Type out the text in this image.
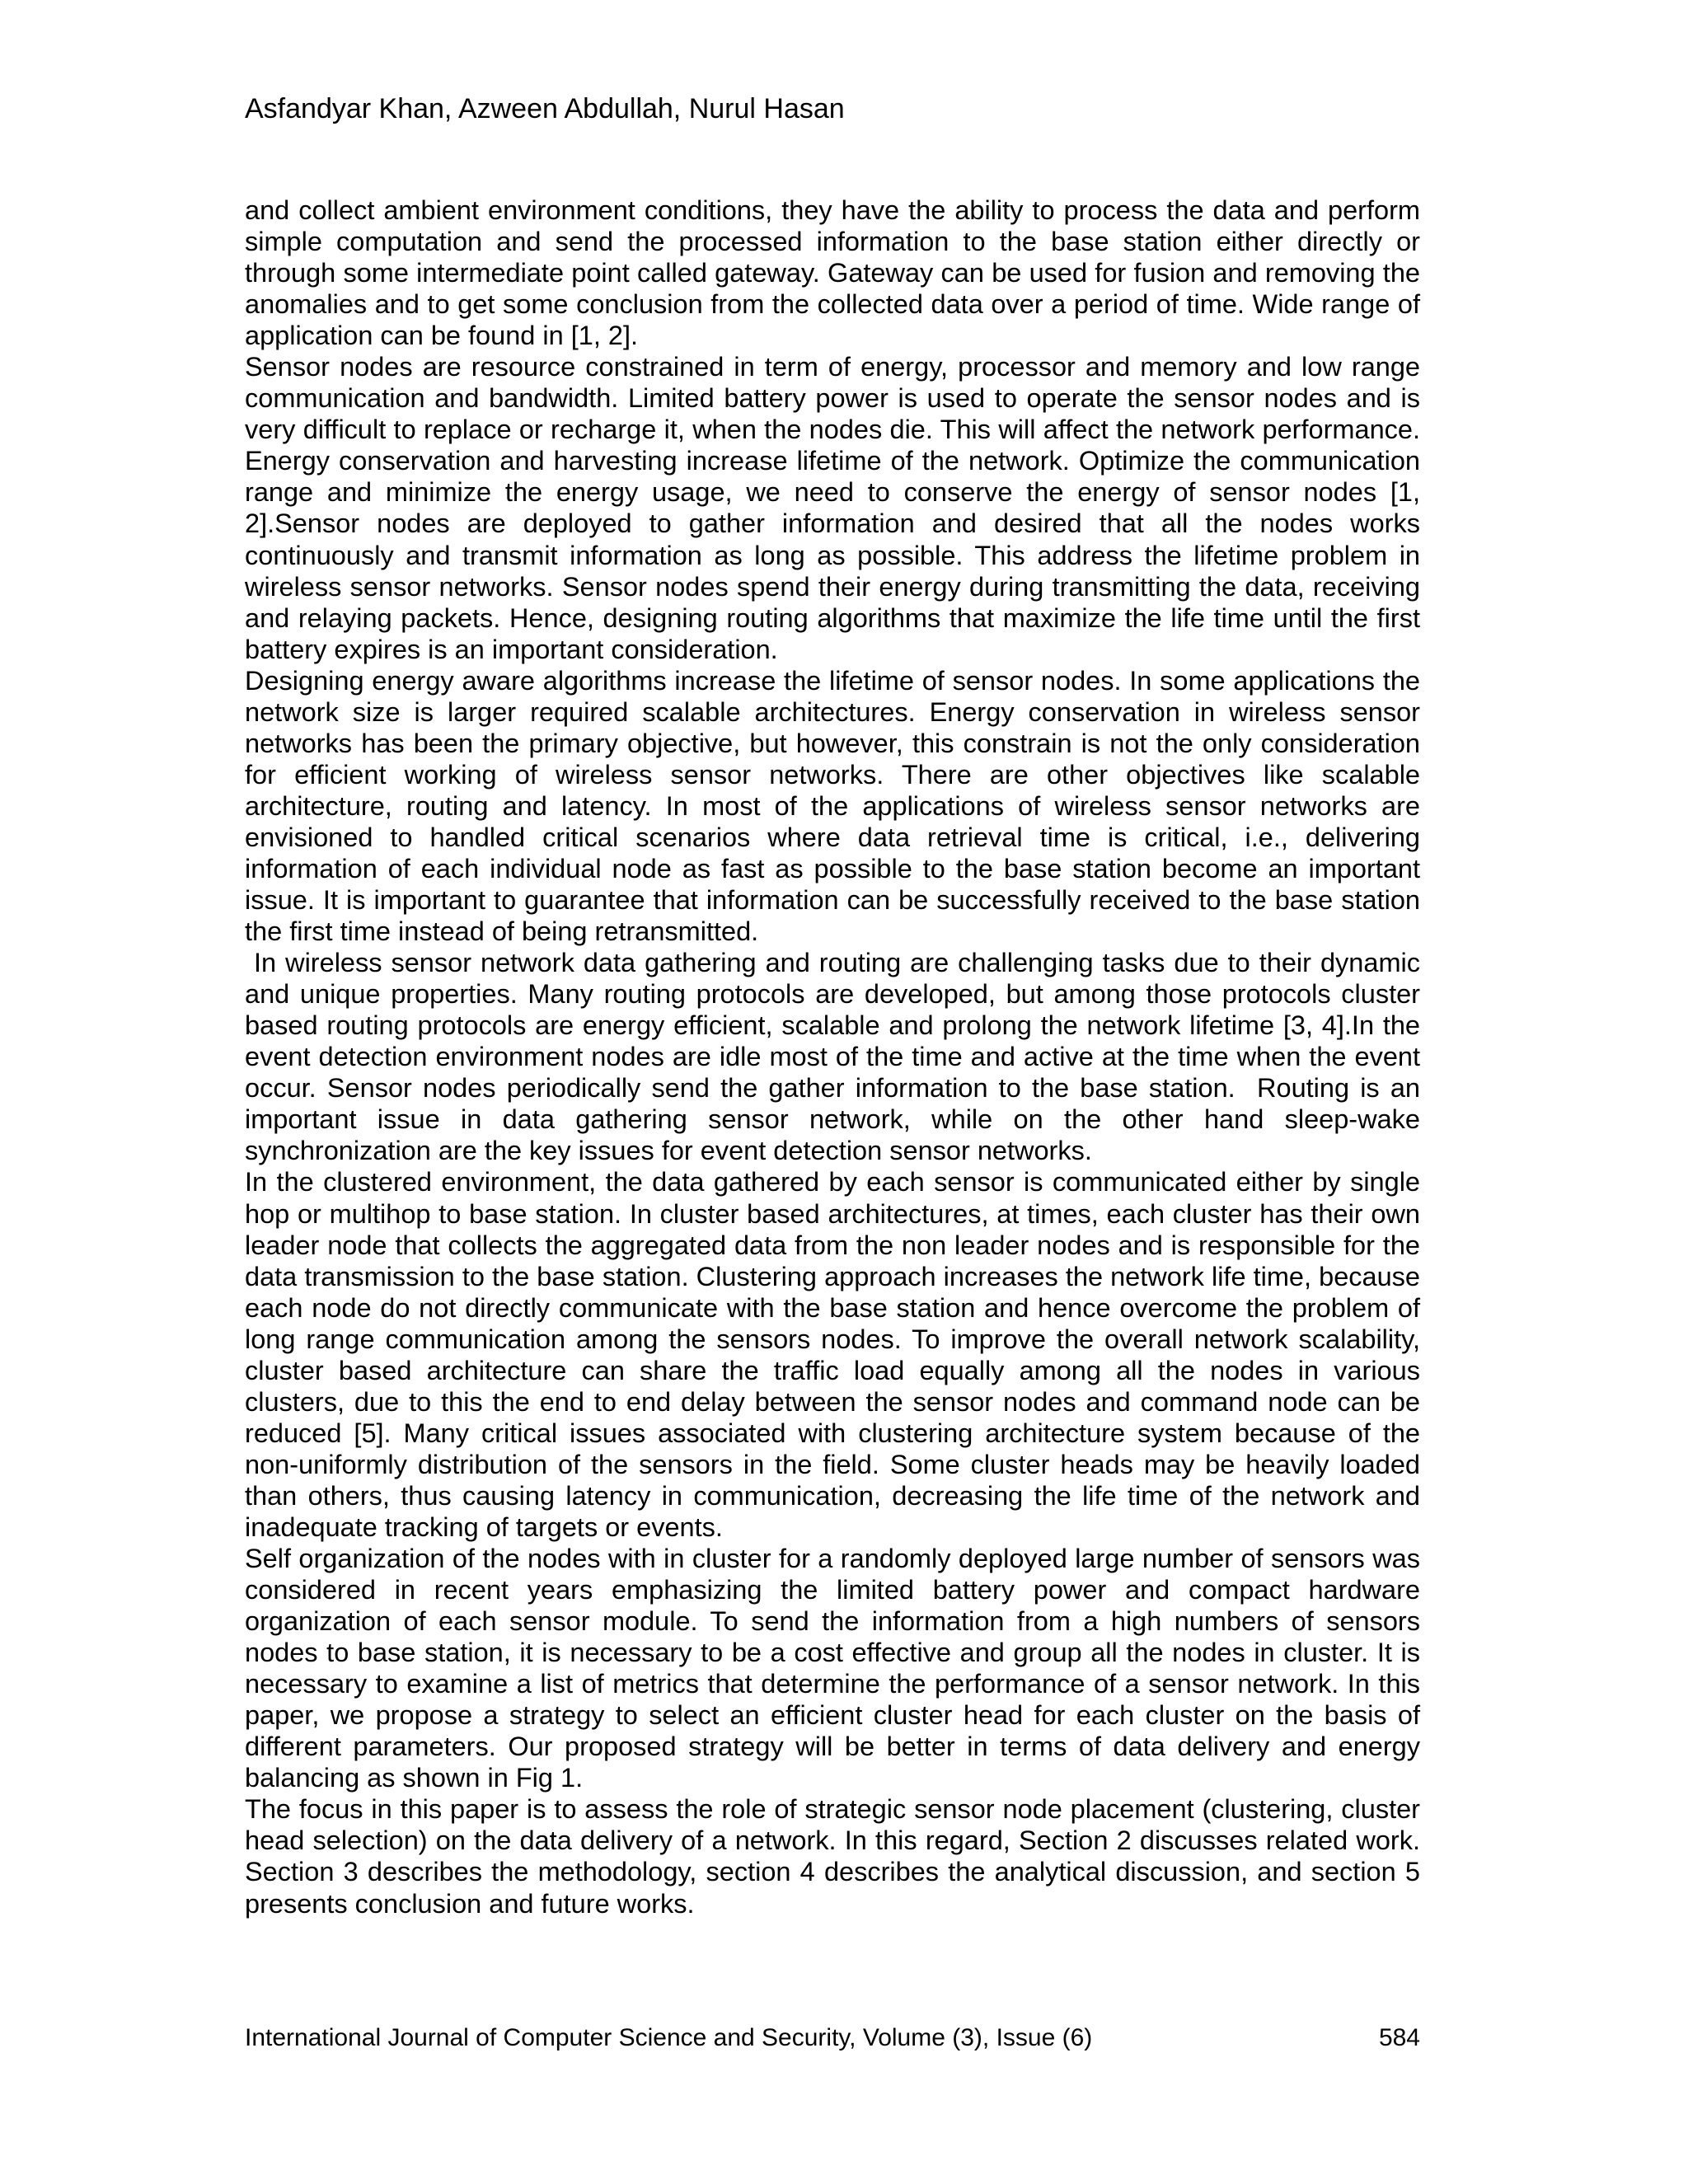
Asfandyar Khan, Azween Abdullah, Nurul Hasan

and collect ambient environment conditions, they have the ability to process the data and perform simple computation and send the processed information to the base station either directly or through some intermediate point called gateway. Gateway can be used for fusion and removing the anomalies and to get some conclusion from the collected data over a period of time. Wide range of application can be found in [1, 2].

Sensor nodes are resource constrained in term of energy, processor and memory and low range communication and bandwidth. Limited battery power is used to operate the sensor nodes and is very difficult to replace or recharge it, when the nodes die. This will affect the network performance. Energy conservation and harvesting increase lifetime of the network. Optimize the communication range and minimize the energy usage, we need to conserve the energy of sensor nodes [1, 2].Sensor nodes are deployed to gather information and desired that all the nodes works continuously and transmit information as long as possible. This address the lifetime problem in wireless sensor networks. Sensor nodes spend their energy during transmitting the data, receiving and relaying packets. Hence, designing routing algorithms that maximize the life time until the first battery expires is an important consideration.

Designing energy aware algorithms increase the lifetime of sensor nodes. In some applications the network size is larger required scalable architectures. Energy conservation in wireless sensor networks has been the primary objective, but however, this constrain is not the only consideration for efficient working of wireless sensor networks. There are other objectives like scalable architecture, routing and latency. In most of the applications of wireless sensor networks are envisioned to handled critical scenarios where data retrieval time is critical, i.e., delivering information of each individual node as fast as possible to the base station become an important issue. It is important to guarantee that information can be successfully received to the base station the first time instead of being retransmitted.

In wireless sensor network data gathering and routing are challenging tasks due to their dynamic and unique properties. Many routing protocols are developed, but among those protocols cluster based routing protocols are energy efficient, scalable and prolong the network lifetime [3, 4].In the event detection environment nodes are idle most of the time and active at the time when the event occur. Sensor nodes periodically send the gather information to the base station.  Routing is an important issue in data gathering sensor network, while on the other hand sleep-wake synchronization are the key issues for event detection sensor networks.

In the clustered environment, the data gathered by each sensor is communicated either by single hop or multihop to base station. In cluster based architectures, at times, each cluster has their own leader node that collects the aggregated data from the non leader nodes and is responsible for the data transmission to the base station. Clustering approach increases the network life time, because each node do not directly communicate with the base station and hence overcome the problem of long range communication among the sensors nodes. To improve the overall network scalability, cluster based architecture can share the traffic load equally among all the nodes in various clusters, due to this the end to end delay between the sensor nodes and command node can be reduced [5]. Many critical issues associated with clustering architecture system because of the non-uniformly distribution of the sensors in the field. Some cluster heads may be heavily loaded than others, thus causing latency in communication, decreasing the life time of the network and inadequate tracking of targets or events.

Self organization of the nodes with in cluster for a randomly deployed large number of sensors was considered in recent years emphasizing the limited battery power and compact hardware organization of each sensor module. To send the information from a high numbers of sensors nodes to base station, it is necessary to be a cost effective and group all the nodes in cluster. It is necessary to examine a list of metrics that determine the performance of a sensor network. In this paper, we propose a strategy to select an efficient cluster head for each cluster on the basis of different parameters. Our proposed strategy will be better in terms of data delivery and energy balancing as shown in Fig 1.

The focus in this paper is to assess the role of strategic sensor node placement (clustering, cluster head selection) on the data delivery of a network. In this regard, Section 2 discusses related work. Section 3 describes the methodology, section 4 describes the analytical discussion, and section 5 presents conclusion and future works.

International Journal of Computer Science and Security, Volume (3), Issue (6)	584
